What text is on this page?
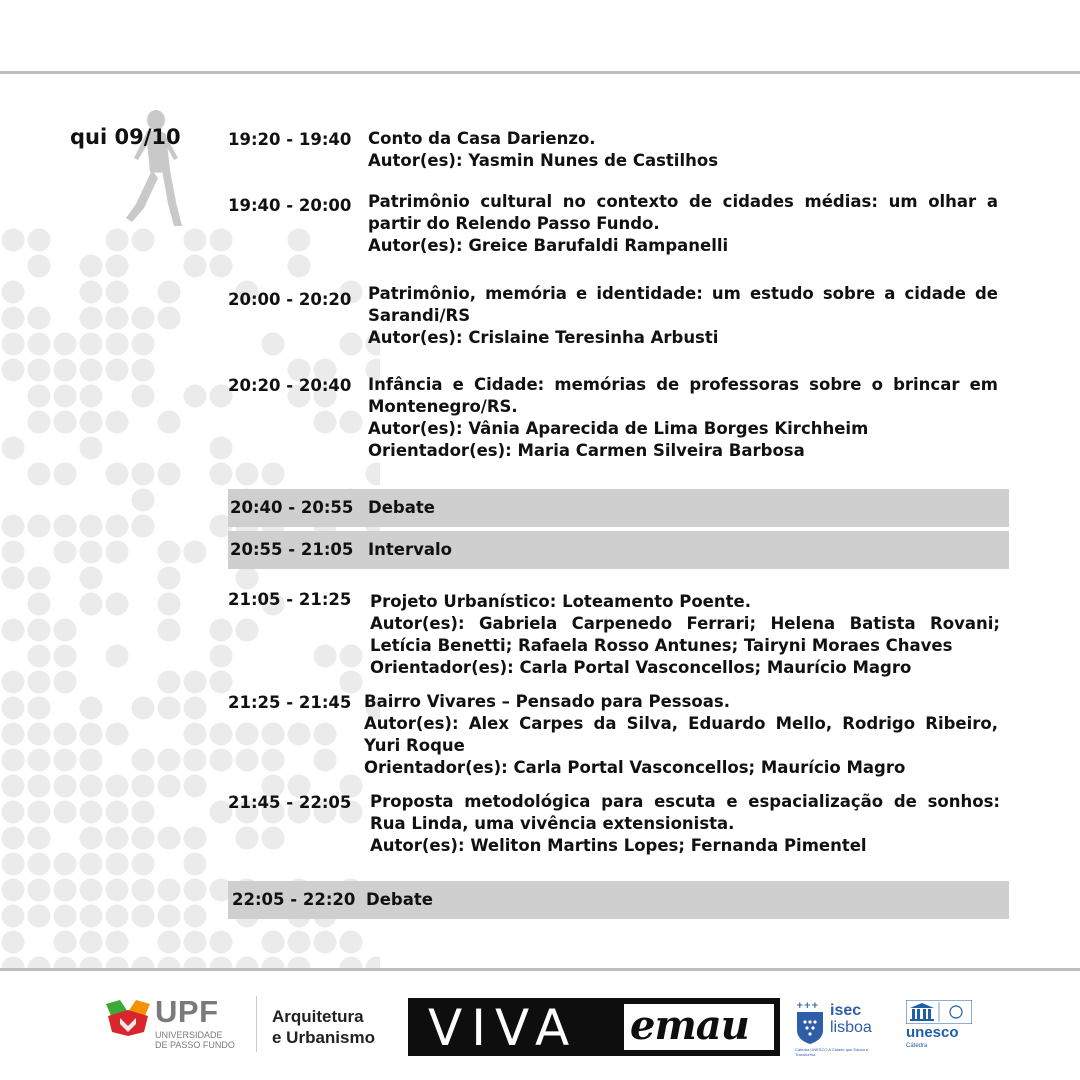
qui 09/10	19:20 - 19:40	Conto da Casa Darienzo.

Autor(es): Yasmin Nunes de Castilhos

19:40 - 20:00	Patrimônio cultural no contexto de cidades médias: um olhar a partir do Relendo Passo Fundo.

Autor(es): Greice Barufaldi Rampanelli

20:00 - 20:20	Patrimônio, memória e identidade: um estudo sobre a cidade de Sarandi/RS

Autor(es): Crislaine Teresinha Arbusti

20:20 - 20:40	Infância e Cidade: memórias de professoras sobre o brincar em Montenegro/RS.

Autor(es): Vânia Aparecida de Lima Borges Kirchheim

Orientador(es): Maria Carmen Silveira Barbosa

20:40 - 20:55 Debate
20:55 - 21:05 Intervalo
21:05 - 21:25	Projeto Urbanístico: Loteamento Poente.

Autor(es): Gabriela Carpenedo Ferrari; Helena Batista Rovani; Letícia Benetti; Rafaela Rosso Antunes; Tairyni Moraes Chaves

Orientador(es): Carla Portal Vasconcellos; Maurício Magro

21:25 - 21:45 Bairro Vivares – Pensado para Pessoas.

Autor(es): Alex Carpes da Silva, Eduardo Mello, Rodrigo Ribeiro, Yuri Roque

Orientador(es): Carla Portal Vasconcellos; Maurício Magro

21:45 - 22:05	Proposta metodológica para escuta e espacialização de sonhos: Rua Linda, uma vivência extensionista.

Autor(es): Weliton Martins Lopes; Fernanda Pimentel

22:05 - 22:20 Debate
UPF
UNIVERSIDADE
DE PASSO FUNDO
Arquitetura
e Urbanismo VIVA emau	+++ isec
lisboa
Cátedra UNESCO A Cidade que Educa e Transforma
unesco
Cátedra
